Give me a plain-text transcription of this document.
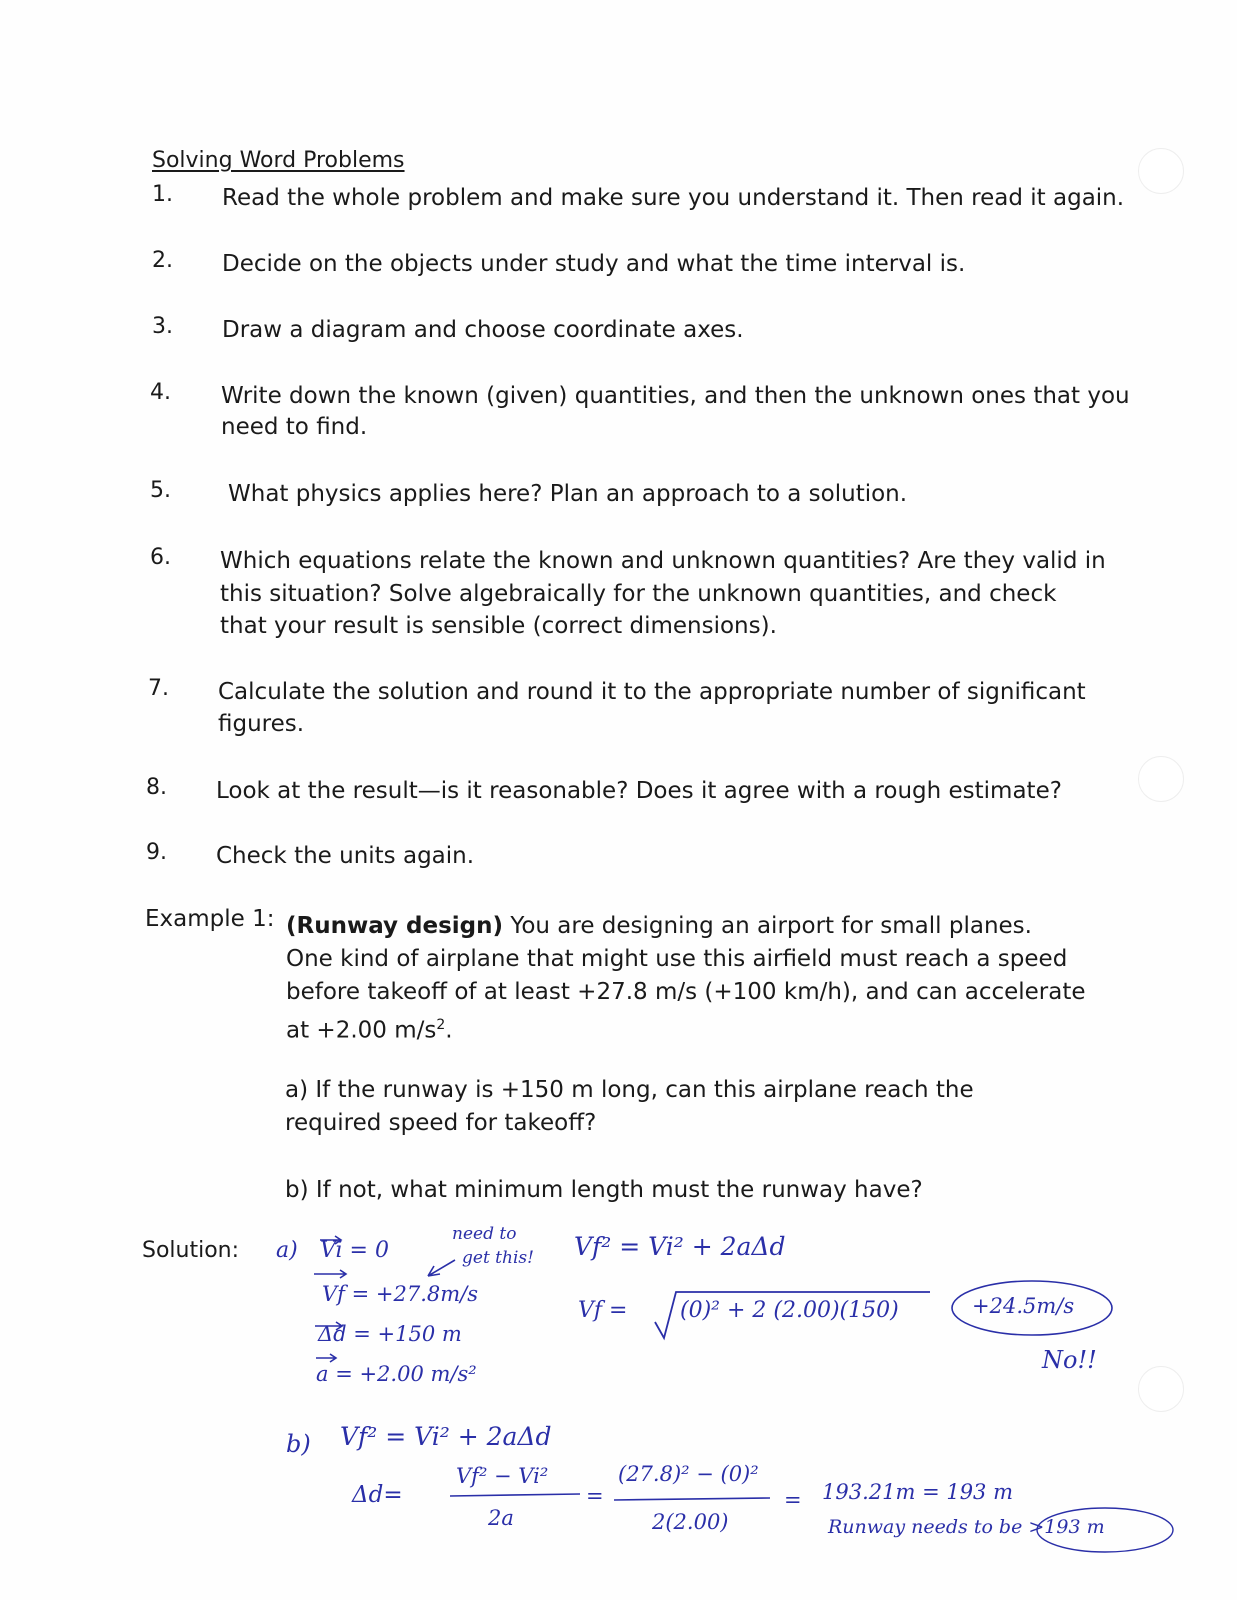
Solving Word Problems
1. Read the whole problem and make sure you understand it. Then read it again.
2. Decide on the objects under study and what the time interval is.
3. Draw a diagram and choose coordinate axes.
4. Write down the known (given) quantities, and then the unknown ones that you
need to find.
5. What physics applies here? Plan an approach to a solution.
6. Which equations relate the known and unknown quantities? Are they valid in
this situation? Solve algebraically for the unknown quantities, and check
that your result is sensible (correct dimensions).
7. Calculate the solution and round it to the appropriate number of significant
figures.
8. Look at the result—is it reasonable? Does it agree with a rough estimate?
9. Check the units again.
Example 1: (Runway design) You are designing an airport for small planes. One kind of airplane that might use this airfield must reach a speed before takeoff of at least +27.8 m/s (+100 km/h), and can accelerate at +2.00 $m/s^2$.
a) If the runway is +150 m long, can this airplane reach the required speed for takeoff?
b) If not, what minimum length must the runway have?
Solution: a) Vi = 0
Vf = +27.8m/s
Δd = +150 m
a = +2.00 m/s²
need to
get this! Vf² = Vi² + 2aΔd
Vf = (0)² + 2 (2.00)(150)	+24.5m/s
No!!
b) Vf² = Vi² + 2aΔd
Δd=
Vf² − Vi²
2a
=
(27.8)² − (0)²
2(2.00)
= 193.21m = 193 m
Runway needs to be >193 m
